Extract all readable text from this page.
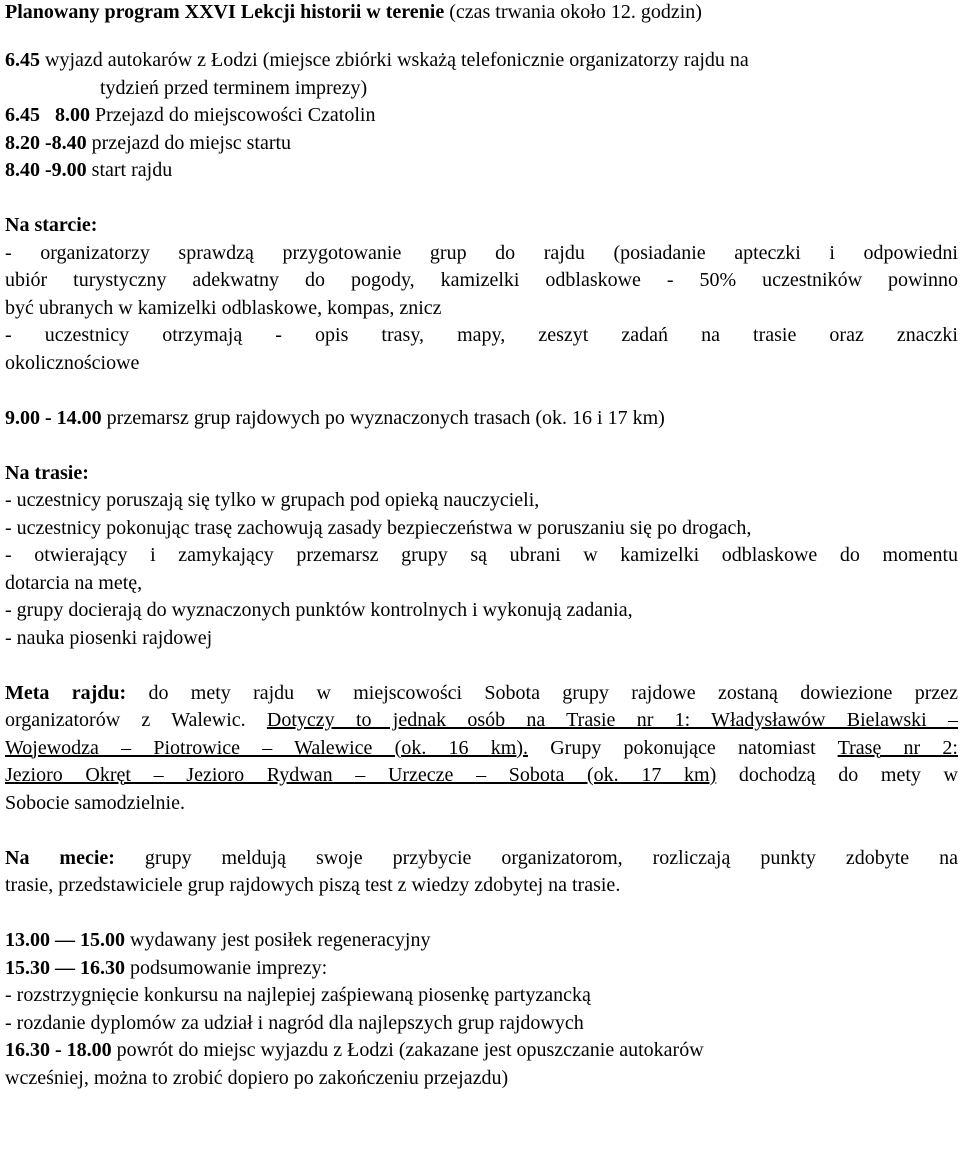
Planowany program XXVI Lekcji historii w terenie (czas trwania około 12. godzin)
6.45 wyjazd autokarów z Łodzi (miejsce zbiórki wskażą telefonicznie organizatorzy rajdu na
tydzień przed terminem imprezy)
6.45   8.00 Przejazd do miejscowości Czatolin
8.20 -8.40 przejazd do miejsc startu
8.40 -9.00 start rajdu
Na starcie:
- organizatorzy sprawdzą przygotowanie grup do rajdu (posiadanie apteczki i odpowiedni
ubiór turystyczny adekwatny do pogody, kamizelki odblaskowe - 50% uczestników powinno
być ubranych w kamizelki odblaskowe, kompas, znicz
- uczestnicy otrzymają - opis trasy, mapy, zeszyt zadań na trasie oraz znaczki
okolicznościowe
9.00 - 14.00 przemarsz grup rajdowych po wyznaczonych trasach (ok. 16 i 17 km)
Na trasie:
- uczestnicy poruszają się tylko w grupach pod opieką nauczycieli,
- uczestnicy pokonując trasę zachowują zasady bezpieczeństwa w poruszaniu się po drogach,
- otwierający i zamykający przemarsz grupy są ubrani w kamizelki odblaskowe do momentu
dotarcia na metę,
- grupy docierają do wyznaczonych punktów kontrolnych i wykonują zadania,
- nauka piosenki rajdowej
Meta rajdu: do mety rajdu w miejscowości Sobota grupy rajdowe zostaną dowiezione przez
organizatorów z Walewic. Dotyczy to jednak osób na Trasie nr 1: Władysławów Bielawski –
Wojewodza – Piotrowice – Walewice (ok. 16 km). Grupy pokonujące natomiast Trasę nr 2:
Jezioro Okręt – Jezioro Rydwan – Urzecze – Sobota (ok. 17 km) dochodzą do mety w
Sobocie samodzielnie.
Na mecie: grupy meldują swoje przybycie organizatorom, rozliczają punkty zdobyte na
trasie, przedstawiciele grup rajdowych piszą test z wiedzy zdobytej na trasie.
13.00 — 15.00 wydawany jest posiłek regeneracyjny
15.30 — 16.30 podsumowanie imprezy:
- rozstrzygnięcie konkursu na najlepiej zaśpiewaną piosenkę partyzancką
- rozdanie dyplomów za udział i nagród dla najlepszych grup rajdowych
16.30 - 18.00 powrót do miejsc wyjazdu z Łodzi (zakazane jest opuszczanie autokarów
wcześniej, można to zrobić dopiero po zakończeniu przejazdu)
